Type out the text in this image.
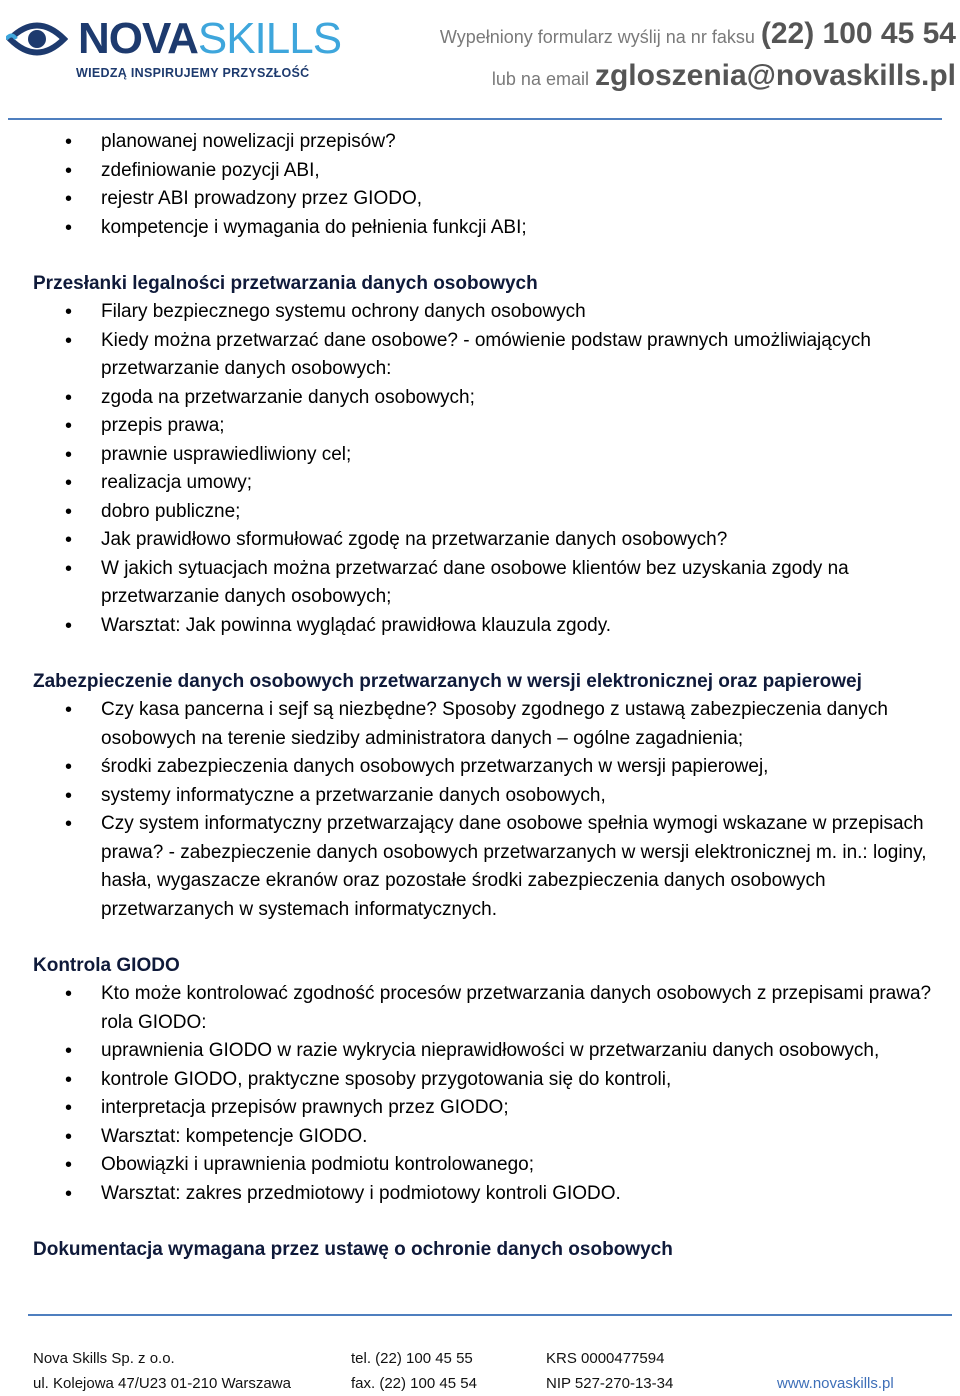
NOVASKILLS
WIEDZĄ INSPIRUJEMY PRZYSZŁOŚĆ
Wypełniony formularz wyślij na nr faksu (22) 100 45 54
lub na email zgloszenia@novaskills.pl
• planowanej nowelizacji przepisów?
• zdefiniowanie pozycji ABI,
• rejestr ABI prowadzony przez GIODO,
• kompetencje i wymagania do pełnienia funkcji ABI;
Przesłanki legalności przetwarzania danych osobowych
• Filary bezpiecznego systemu ochrony danych osobowych
• Kiedy można przetwarzać dane osobowe? - omówienie podstaw prawnych umożliwiających przetwarzanie danych osobowych:
• zgoda na przetwarzanie danych osobowych;
• przepis prawa;
• prawnie usprawiedliwiony cel;
• realizacja umowy;
• dobro publiczne;
• Jak prawidłowo sformułować zgodę na przetwarzanie danych osobowych?
• W jakich sytuacjach można przetwarzać dane osobowe klientów bez uzyskania zgody na przetwarzanie danych osobowych;
• Warsztat: Jak powinna wyglądać prawidłowa klauzula zgody.
Zabezpieczenie danych osobowych przetwarzanych w wersji elektronicznej oraz papierowej
• Czy kasa pancerna i sejf są niezbędne? Sposoby zgodnego z ustawą zabezpieczenia danych osobowych na terenie siedziby administratora danych – ogólne zagadnienia;
• środki zabezpieczenia danych osobowych przetwarzanych w wersji papierowej,
• systemy informatyczne a przetwarzanie danych osobowych,
• Czy system informatyczny przetwarzający dane osobowe spełnia wymogi wskazane w przepisach prawa? - zabezpieczenie danych osobowych przetwarzanych w wersji elektronicznej m. in.: loginy, hasła, wygaszacze ekranów oraz pozostałe środki zabezpieczenia danych osobowych przetwarzanych w systemach informatycznych.
Kontrola GIODO
• Kto może kontrolować zgodność procesów przetwarzania danych osobowych z przepisami prawa? rola GIODO:
• uprawnienia GIODO w razie wykrycia nieprawidłowości w przetwarzaniu danych osobowych,
• kontrole GIODO, praktyczne sposoby przygotowania się do kontroli,
• interpretacja przepisów prawnych przez GIODO;
• Warsztat: kompetencje GIODO.
• Obowiązki i uprawnienia podmiotu kontrolowanego;
• Warsztat: zakres przedmiotowy i podmiotowy kontroli GIODO.
Dokumentacja wymagana przez ustawę o ochronie danych osobowych
Nova Skills Sp. z o.o.
ul. Kolejowa 47/U23 01-210 Warszawa
tel. (22) 100 45 55
fax. (22) 100 45 54
KRS 0000477594
NIP 527-270-13-34	www.novaskills.pl
